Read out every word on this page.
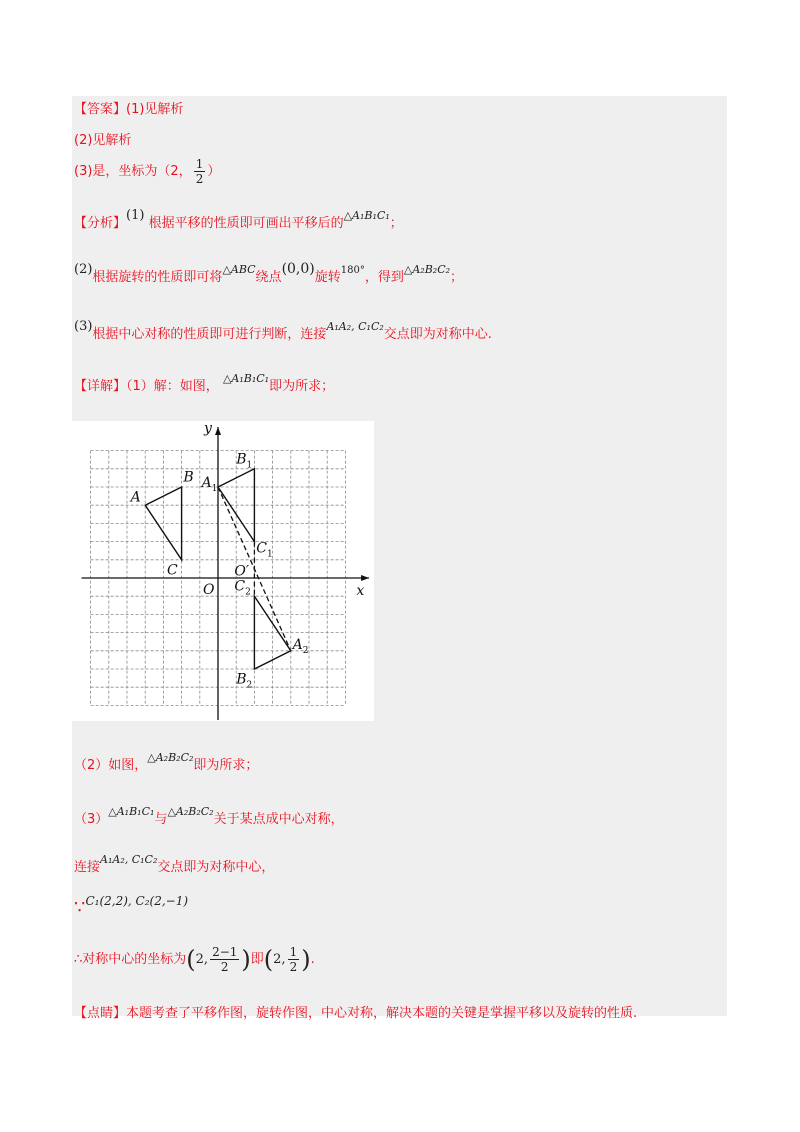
【答案】(1)见解析
(2)见解析
(3)是，坐标为（2， $\frac{1}{2}$ ）
【分析】(1) 根据平移的性质即可画出平移后的$^{\triangle A_1B_1C_1}$；
(2)根据旋转的性质即可将$^{\triangle ABC}$绕点(0,0)旋转$^{180^\circ}$，得到$^{\triangle A_2B_2C_2}$；
(3)根据中心对称的性质即可进行判断，连接$^{A_1A_2, C_1C_2}$交点即为对称中心.
【详解】（1）解：如图， $^{\triangle A_1B_1C_1}$即为所求；
y
x
O
O′
A
B
C
$A_1$
$B_1$
$C_1$
$C_2$
$A_2$
$B_2$
（2）如图，$^{\triangle A_2B_2C_2}$即为所求；
$(3)^{\triangle A_1B_1C_1}$与$^{\triangle A_2B_2C_2}$关于某点成中心对称，
连接$^{A_1A_2, C_1C_2}$交点即为对称中心，
∵C₁(2,2), C₂(2,−1)
∴对称中心的坐标为(2, $\frac{2-1}{2}$ )即(2, $\frac{1}{2}$ ).
【点睛】本题考查了平移作图，旋转作图，中心对称，解决本题的关键是掌握平移以及旋转的性质.
